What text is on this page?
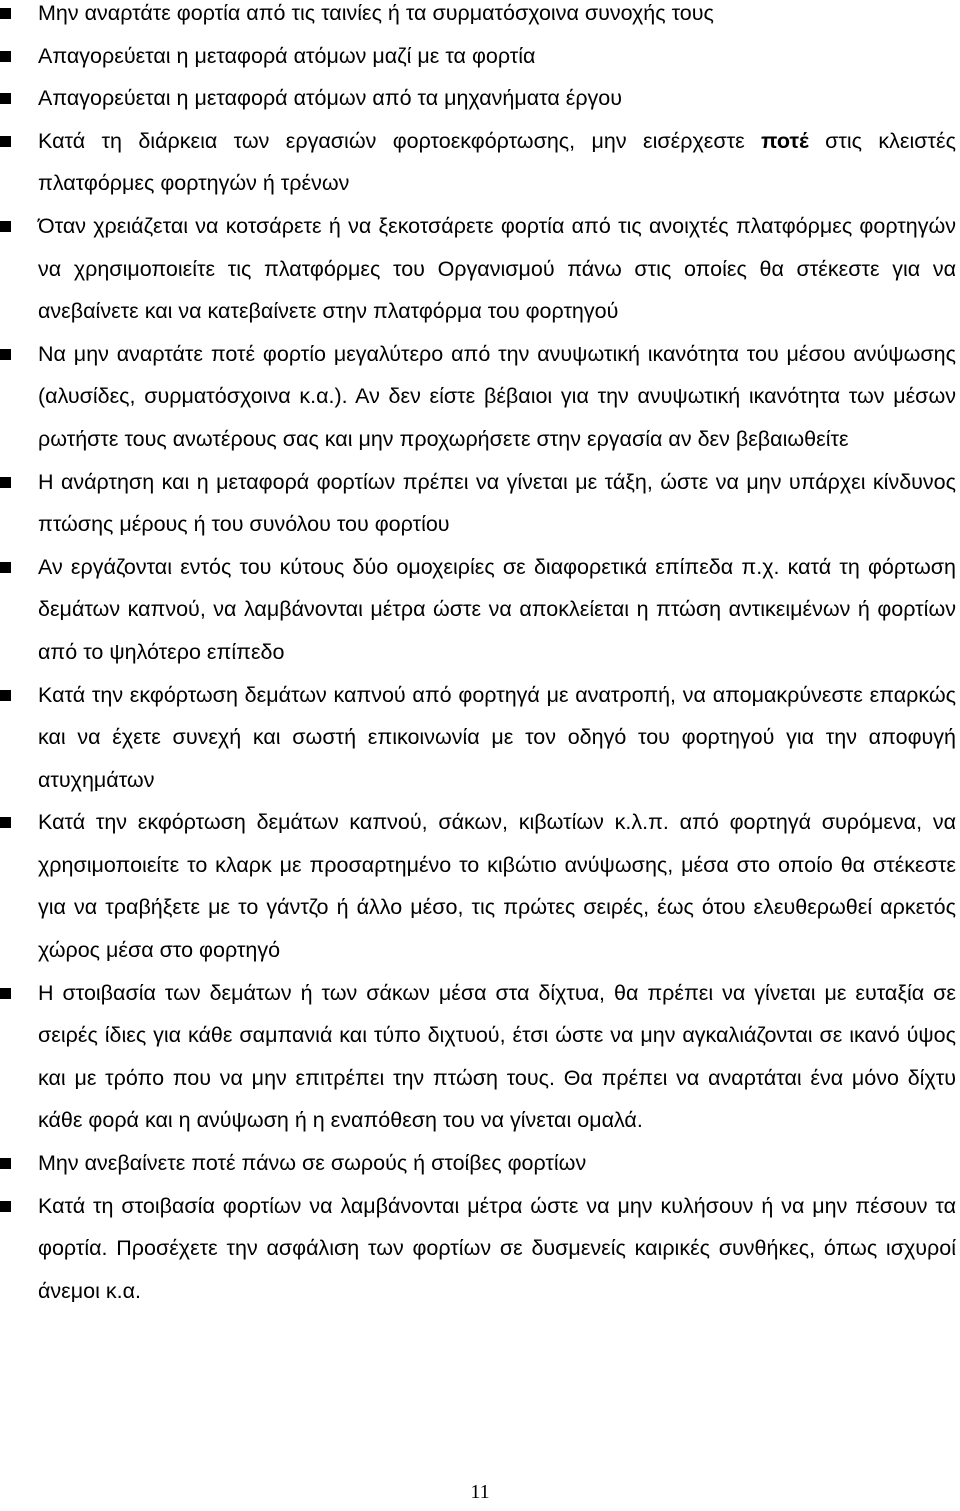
Μην αναρτάτε φορτία από τις ταινίες ή τα συρματόσχοινα συνοχής τους
Απαγορεύεται η μεταφορά ατόμων μαζί με τα φορτία
Απαγορεύεται η μεταφορά ατόμων από τα μηχανήματα έργου
Κατά τη διάρκεια των εργασιών φορτοεκφόρτωσης, μην εισέρχεστε ποτέ στις κλειστές πλατφόρμες φορτηγών ή τρένων
Όταν χρειάζεται να κοτσάρετε ή να ξεκοτσάρετε φορτία από τις ανοιχτές πλατφόρμες φορτηγών να χρησιμοποιείτε τις πλατφόρμες του Οργανισμού πάνω στις οποίες θα στέκεστε για να ανεβαίνετε και να κατεβαίνετε στην πλατφόρμα του φορτηγού
Να μην αναρτάτε ποτέ φορτίο μεγαλύτερο από την ανυψωτική ικανότητα του μέσου ανύψωσης (αλυσίδες, συρματόσχοινα κ.α.). Αν δεν είστε βέβαιοι για την ανυψωτική ικανότητα των μέσων ρωτήστε τους ανωτέρους σας και μην προχωρήσετε στην εργασία αν δεν βεβαιωθείτε
Η ανάρτηση και η μεταφορά φορτίων πρέπει να γίνεται με τάξη, ώστε να μην υπάρχει κίνδυνος πτώσης μέρους ή του συνόλου του φορτίου
Αν εργάζονται εντός του κύτους δύο ομοχειρίες σε διαφορετικά επίπεδα π.χ. κατά τη φόρτωση δεμάτων καπνού, να λαμβάνονται μέτρα ώστε να αποκλείεται η πτώση αντικειμένων ή φορτίων από το ψηλότερο επίπεδο
Κατά την εκφόρτωση δεμάτων καπνού από φορτηγά με ανατροπή, να απομακρύνεστε επαρκώς και να έχετε συνεχή και σωστή επικοινωνία με τον οδηγό του φορτηγού για την αποφυγή ατυχημάτων
Κατά την εκφόρτωση δεμάτων καπνού, σάκων, κιβωτίων κ.λ.π. από φορτηγά συρόμενα, να χρησιμοποιείτε το κλαρκ με προσαρτημένο το κιβώτιο ανύψωσης, μέσα στο οποίο θα στέκεστε για να τραβήξετε με το γάντζο ή άλλο μέσο, τις πρώτες σειρές, έως ότου ελευθερωθεί αρκετός χώρος μέσα στο φορτηγό
Η στοιβασία των δεμάτων ή των σάκων μέσα στα δίχτυα, θα πρέπει να γίνεται με ευταξία σε σειρές ίδιες για κάθε σαμπανιά και τύπο διχτυού, έτσι ώστε να μην αγκαλιάζονται σε ικανό ύψος και με τρόπο που να μην επιτρέπει την πτώση τους. Θα πρέπει να αναρτάται ένα μόνο δίχτυ κάθε φορά και η ανύψωση ή η εναπόθεση του να γίνεται ομαλά.
Μην ανεβαίνετε ποτέ πάνω σε σωρούς ή στοίβες φορτίων
Κατά τη στοιβασία φορτίων να λαμβάνονται μέτρα ώστε να μην κυλήσουν ή να μην πέσουν τα φορτία. Προσέχετε την ασφάλιση των φορτίων σε δυσμενείς καιρικές συνθήκες, όπως ισχυροί άνεμοι κ.α.
11
